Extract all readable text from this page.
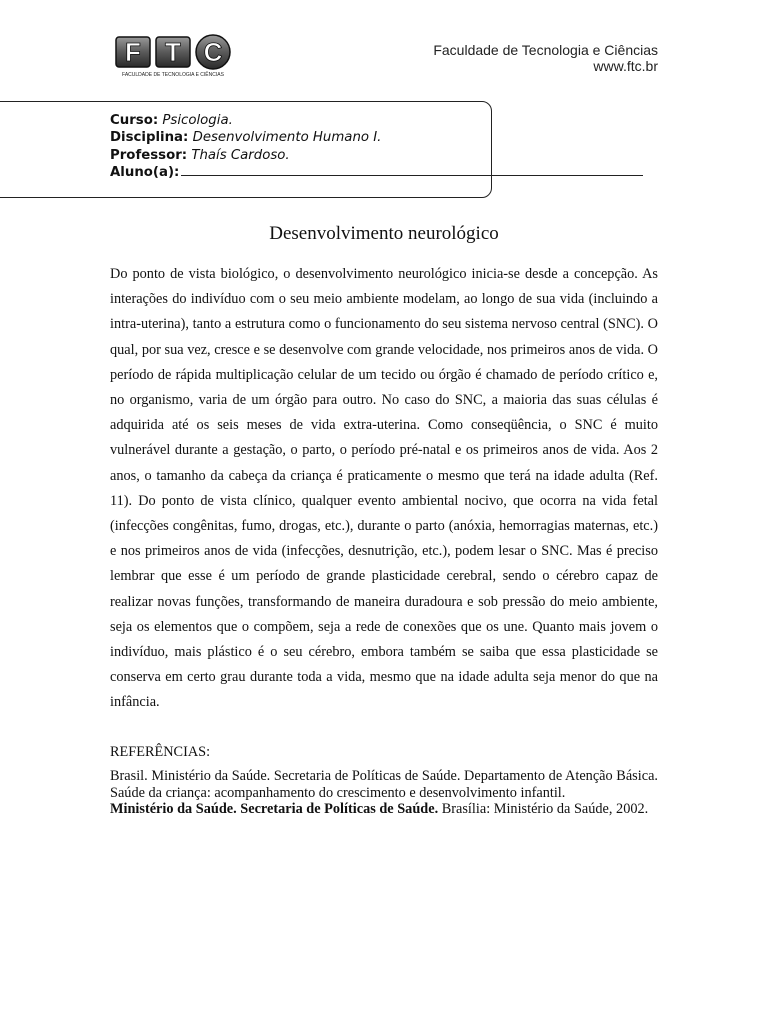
F T C
FACULDADE DE TECNOLOGIA E CIÊNCIAS
Faculdade de Tecnologia e Ciências
www.ftc.br
Curso: Psicologia.
Disciplina: Desenvolvimento Humano I.
Professor: Thaís Cardoso.
Aluno(a):
Desenvolvimento neurológico
Do ponto de vista biológico, o desenvolvimento neurológico inicia-se desde a concepção. As interações do indivíduo com o seu meio ambiente modelam, ao longo de sua vida (incluindo a intra-uterina), tanto a estrutura como o funcionamento do seu sistema nervoso central (SNC). O qual, por sua vez, cresce e se desenvolve com grande velocidade, nos primeiros anos de vida. O período de rápida multiplicação celular de um tecido ou órgão é chamado de período crítico e, no organismo, varia de um órgão para outro. No caso do SNC, a maioria das suas células é adquirida até os seis meses de vida extra-uterina. Como conseqüência, o SNC é muito vulnerável durante a gestação, o parto, o período pré-natal e os primeiros anos de vida. Aos 2 anos, o tamanho da cabeça da criança é praticamente o mesmo que terá na idade adulta (Ref. 11). Do ponto de vista clínico, qualquer evento ambiental nocivo, que ocorra na vida fetal (infecções congênitas, fumo, drogas, etc.), durante o parto (anóxia, hemorragias maternas, etc.) e nos primeiros anos de vida (infecções, desnutrição, etc.), podem lesar o SNC. Mas é preciso lembrar que esse é um período de grande plasticidade cerebral, sendo o cérebro capaz de realizar novas funções, transformando de maneira duradoura e sob pressão do meio ambiente, seja os elementos que o compõem, seja a rede de conexões que os une. Quanto mais jovem o indivíduo, mais plástico é o seu cérebro, embora também se saiba que essa plasticidade se conserva em certo grau durante toda a vida, mesmo que na idade adulta seja menor do que na infância.
REFERÊNCIAS:

Brasil. Ministério da Saúde. Secretaria de Políticas de Saúde. Departamento de Atenção Básica. Saúde da criança: acompanhamento do crescimento e desenvolvimento infantil.

Ministério da Saúde. Secretaria de Políticas de Saúde. Brasília: Ministério da Saúde, 2002.
